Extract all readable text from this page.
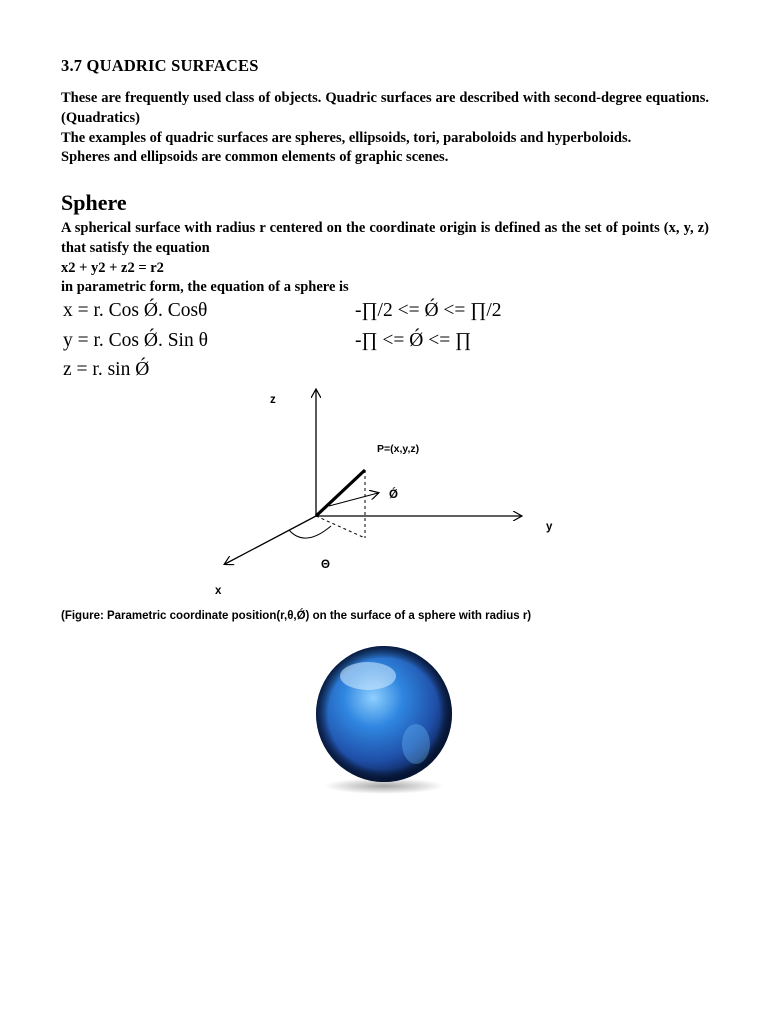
3.7 QUADRIC SURFACES

These are frequently used class of objects. Quadric surfaces are described with second-degree equations. (Quadratics)

The examples of quadric surfaces are spheres, ellipsoids, tori, paraboloids and hyperboloids.

Spheres and ellipsoids are common elements of graphic scenes.

Sphere

A spherical surface with radius r centered on the coordinate origin is defined as the set of points (x, y, z) that satisfy the equation

x2 + y2 + z2 = r2

in parametric form, the equation of a sphere is

x = r. Cos Ǿ. Cosθ
y = r. Cos Ǿ. Sin θ
z = r. sin Ǿ
-∏/2 <= Ǿ <= ∏/2
-∏ <= Ǿ <= ∏
z
y
x
P=(x,y,z)
Ǿ
Θ
(Figure: Parametric coordinate position(r,θ,Ǿ) on the surface of a sphere with radius r)
